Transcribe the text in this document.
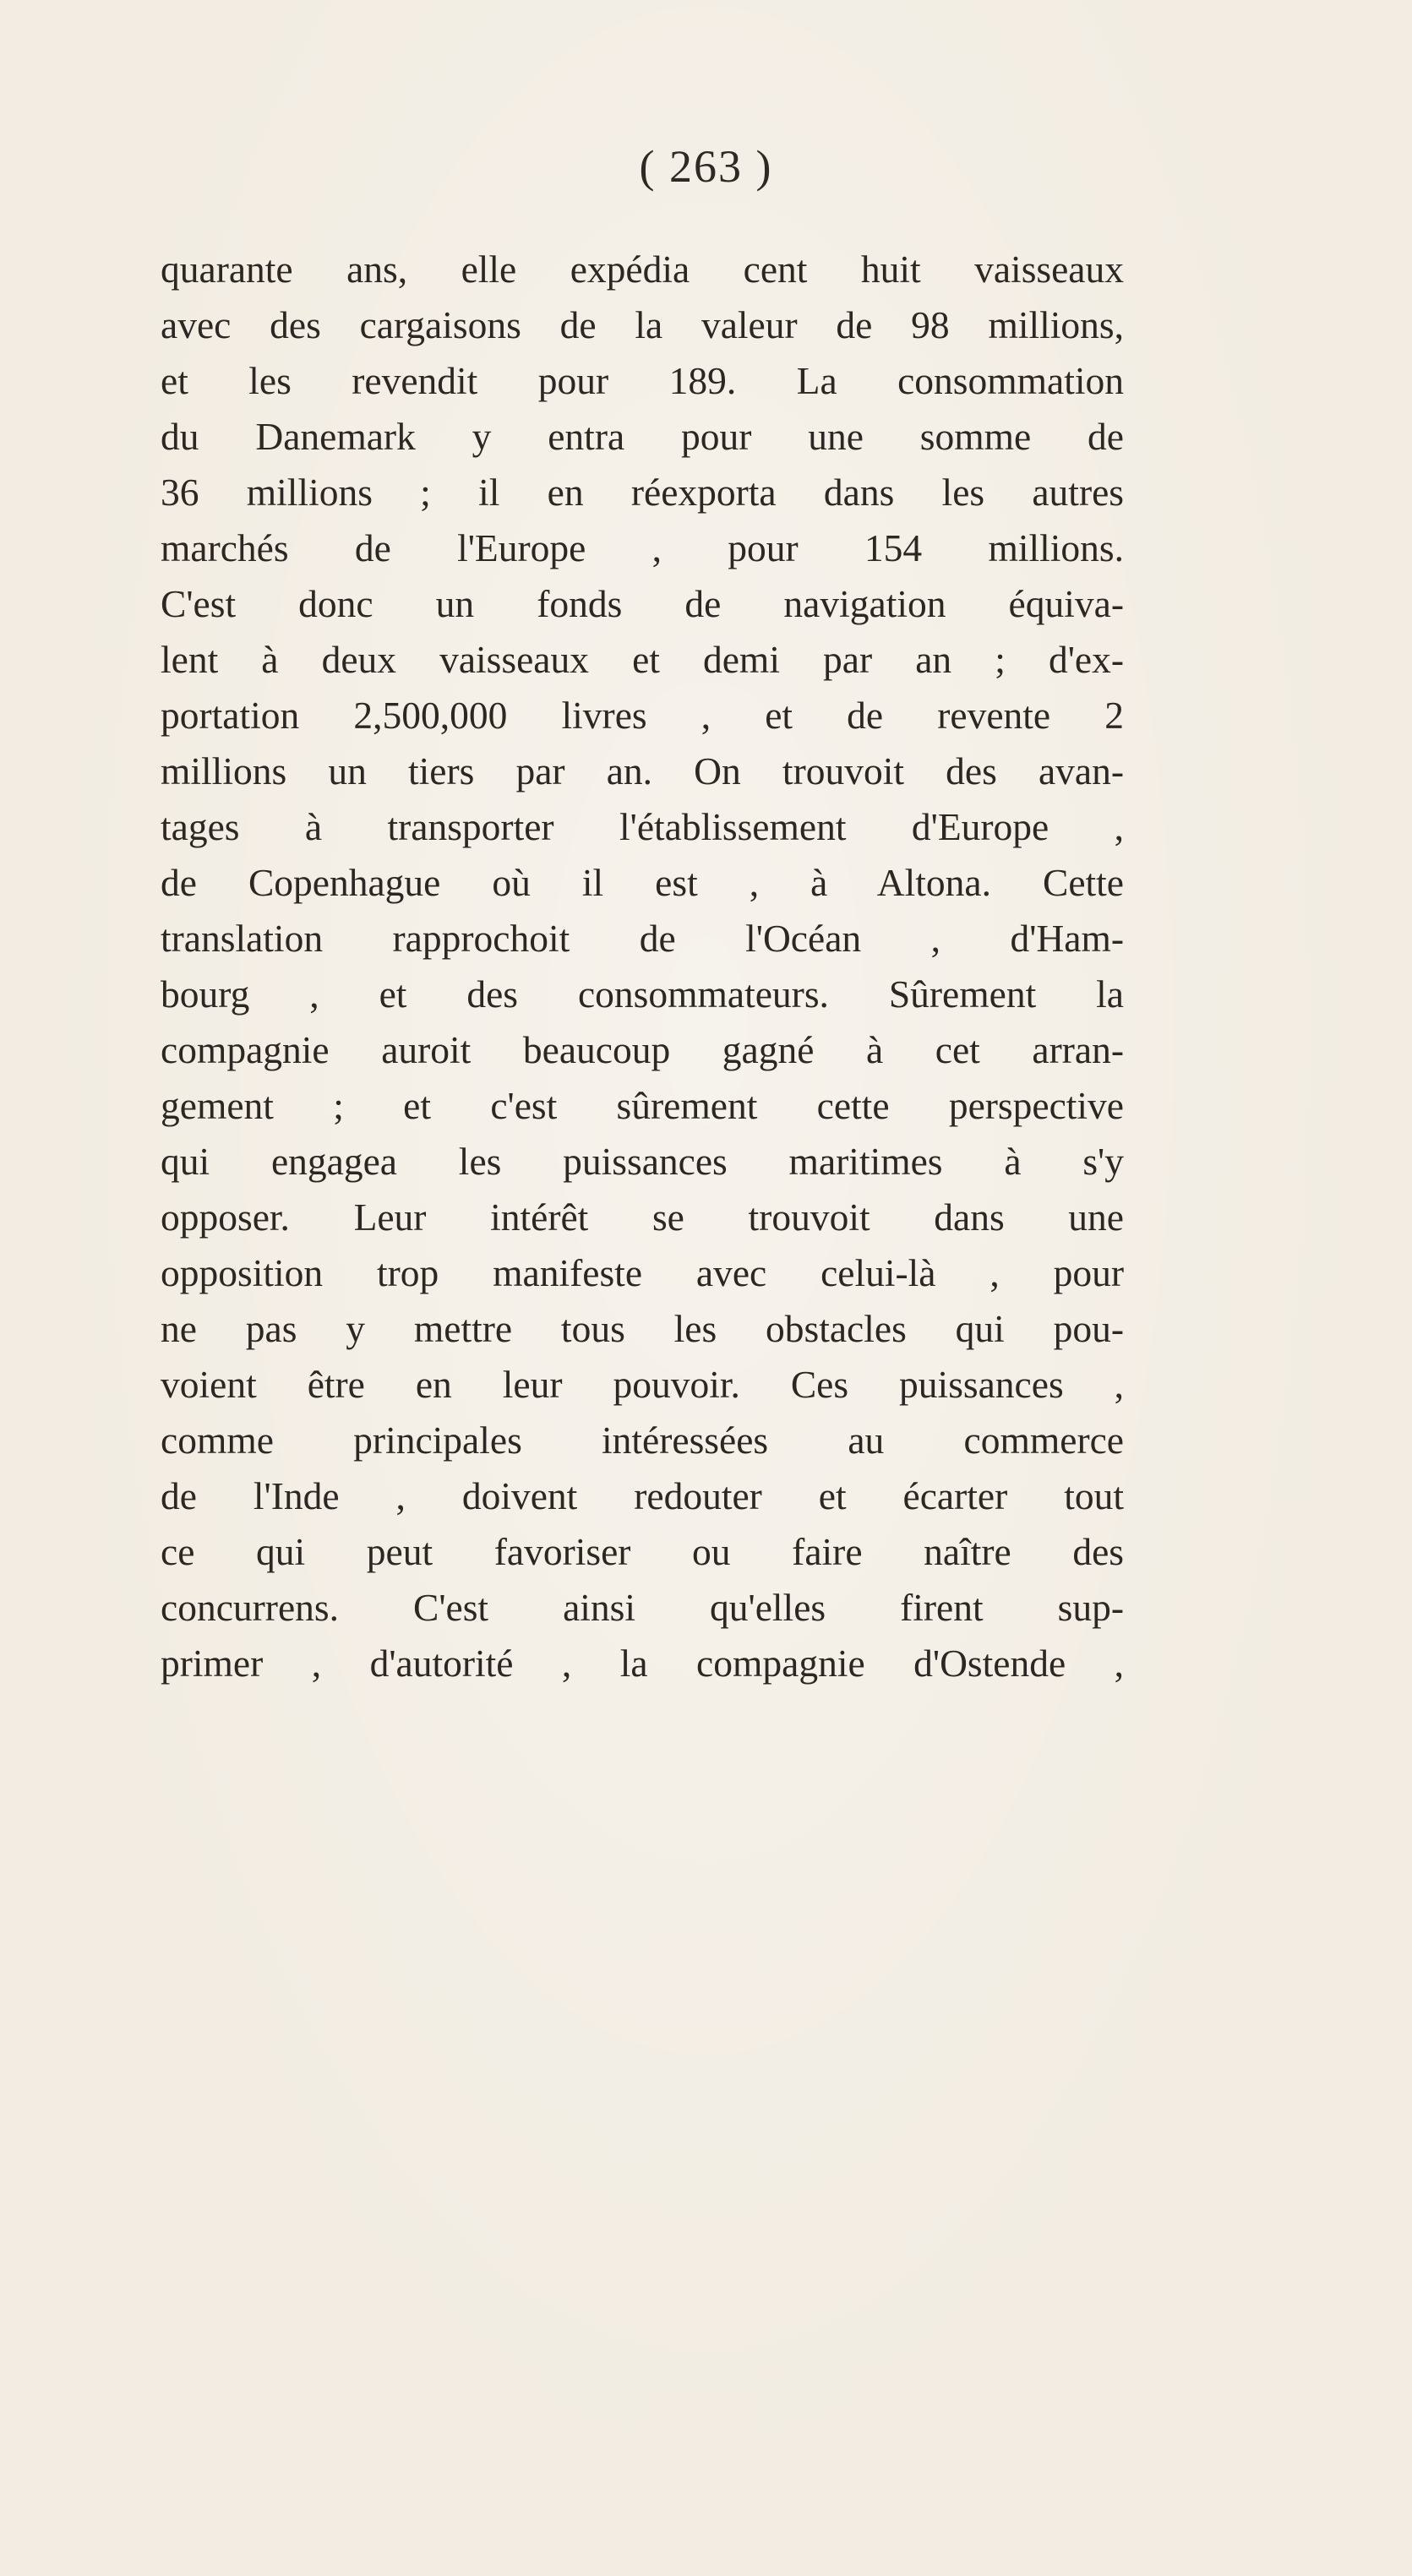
( 263 )
quarante ans, elle expédia cent huit vaisseaux
avec des cargaisons de la valeur de 98 millions,
et les revendit pour 189. La consommation
du Danemark y entra pour une somme de
36 millions ; il en réexporta dans les autres
marchés de l'Europe , pour 154 millions.
C'est donc un fonds de navigation équiva-
lent à deux vaisseaux et demi par an ; d'ex-
portation 2,500,000 livres , et de revente 2
millions un tiers par an. On trouvoit des avan-
tages à transporter l'établissement d'Europe ,
de Copenhague où il est , à Altona. Cette
translation rapprochoit de l'Océan , d'Ham-
bourg , et des consommateurs. Sûrement la
compagnie auroit beaucoup gagné à cet arran-
gement ; et c'est sûrement cette perspective
qui engagea les puissances maritimes à s'y
opposer. Leur intérêt se trouvoit dans une
opposition trop manifeste avec celui-là , pour
ne pas y mettre tous les obstacles qui pou-
voient être en leur pouvoir. Ces puissances ,
comme principales intéressées au commerce
de l'Inde , doivent redouter et écarter tout
ce qui peut favoriser ou faire naître des
concurrens. C'est ainsi qu'elles firent sup-
primer , d'autorité , la compagnie d'Ostende ,
